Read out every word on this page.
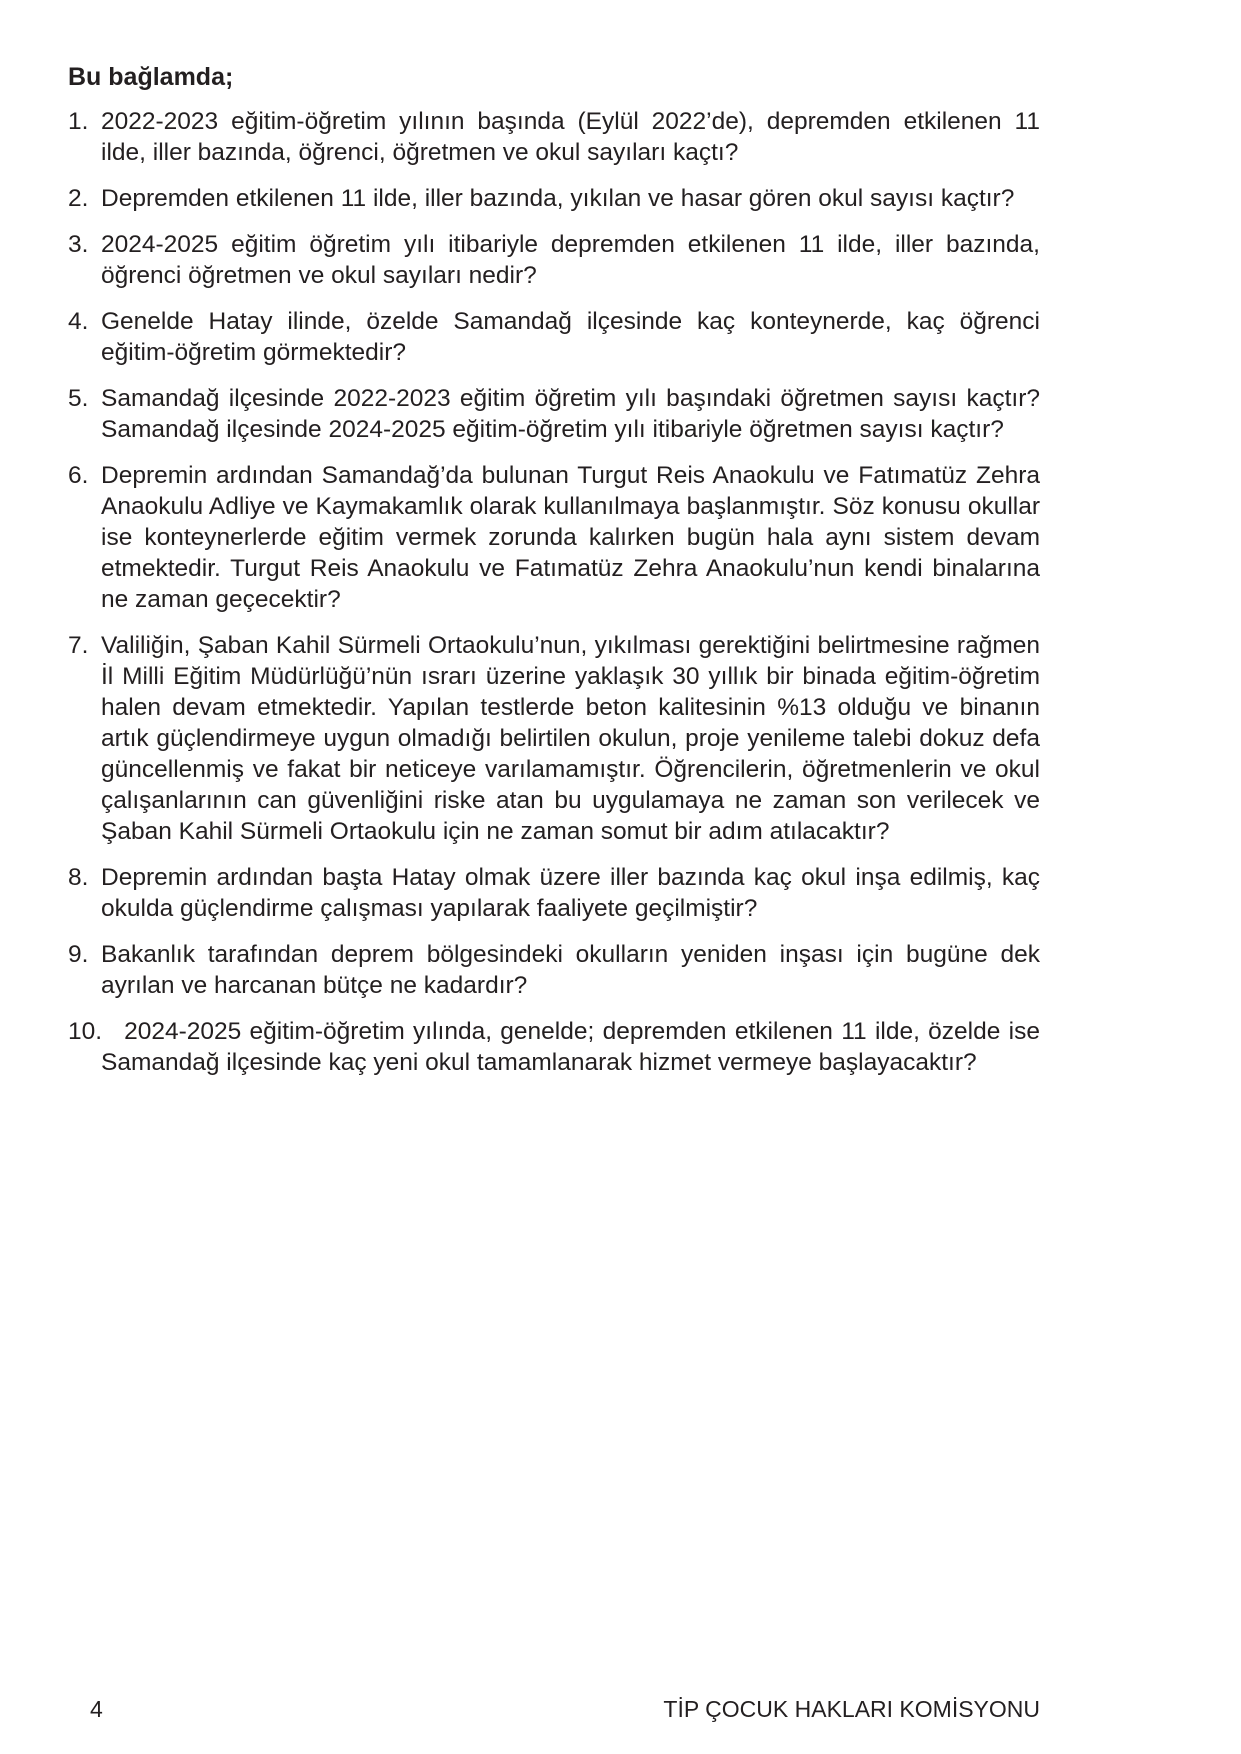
Bu bağlamda;
1. 2022-2023 eğitim-öğretim yılının başında (Eylül 2022’de), depremden etkilenen 11 ilde, iller bazında, öğrenci, öğretmen ve okul sayıları kaçtı?
2. Depremden etkilenen 11 ilde, iller bazında, yıkılan ve hasar gören okul sayısı kaçtır?
3. 2024-2025 eğitim öğretim yılı itibariyle depremden etkilenen 11 ilde, iller bazında, öğrenci öğretmen ve okul sayıları nedir?
4. Genelde Hatay ilinde, özelde Samandağ ilçesinde kaç konteynerde, kaç öğrenci eğitim-öğretim görmektedir?
5. Samandağ ilçesinde 2022-2023 eğitim öğretim yılı başındaki öğretmen sayısı kaçtır? Samandağ ilçesinde 2024-2025 eğitim-öğretim yılı itibariyle öğretmen sayısı kaçtır?
6. Depremin ardından Samandağ’da bulunan Turgut Reis Anaokulu ve Fatımatüz Zehra Anaokulu Adliye ve Kaymakamlık olarak kullanılmaya başlanmıştır. Söz konusu okullar ise konteynerlerde eğitim vermek zorunda kalırken bugün hala aynı sistem devam etmektedir. Turgut Reis Anaokulu ve Fatımatüz Zehra Anaokulu’nun kendi binalarına ne zaman geçecektir?
7. Valiliğin, Şaban Kahil Sürmeli Ortaokulu’nun, yıkılması gerektiğini belirtmesine rağmen İl Milli Eğitim Müdürlüğü’nün ısrarı üzerine yaklaşık 30 yıllık bir binada eğitim-öğretim halen devam etmektedir. Yapılan testlerde beton kalitesinin %13 olduğu ve binanın artık güçlendirmeye uygun olmadığı belirtilen okulun, proje yenileme talebi dokuz defa güncellenmiş ve fakat bir neticeye varılamamıştır. Öğrencilerin, öğretmenlerin ve okul çalışanlarının can güvenliğini riske atan bu uygulamaya ne zaman son verilecek ve Şaban Kahil Sürmeli Ortaokulu için ne zaman somut bir adım atılacaktır?
8. Depremin ardından başta Hatay olmak üzere iller bazında kaç okul inşa edilmiş, kaç okulda güçlendirme çalışması yapılarak faaliyete geçilmiştir?
9. Bakanlık tarafından deprem bölgesindeki okulların yeniden inşası için bugüne dek ayrılan ve harcanan bütçe ne kadardır?
10. 2024-2025 eğitim-öğretim yılında, genelde; depremden etkilenen 11 ilde, özelde ise Samandağ ilçesinde kaç yeni okul tamamlanarak hizmet vermeye başlayacaktır?
4	TİP ÇOCUK HAKLARI KOMİSYONU
